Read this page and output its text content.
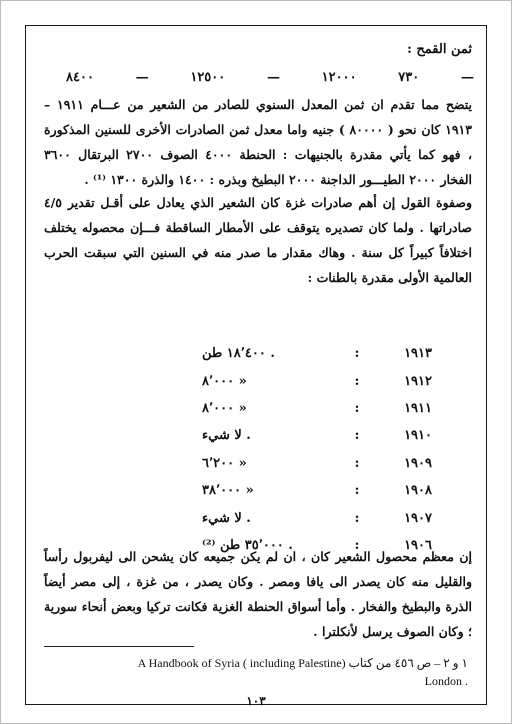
ثمن القمح :
٨٤٠٠	—	١٢٥٠٠	—	١٢٠٠٠	٧٣٠	—
يتضح مما تقدم ان ثمن المعدل السنوي للصادر من الشعير من عـــام ١٩١١ – ١٩١٣ كان نحو ( ٨٠٠٠٠ ) جنيه واما معدل ثمن الصادرات الأخرى للسنين المذكورة ، فهو كما يأتي مقدرة بالجنيهات : الحنطة ٤٠٠٠ الصوف ٢٧٠٠ البرتقال ٣٦٠٠ الفخار ٢٠٠٠ الطيـــور الداجنة ٢٠٠٠ البطيخ وبذره : ١٤٠٠ والذرة ١٣٠٠ ⁽¹⁾ .
وصفوة القول إن أهم صادرات غزة كان الشعير الذي يعادل على أقـل تقدير ٤/٥ صادراتها . ولما كان تصديره يتوقف على الأمطار الساقطة فـــإن محصوله يختلف اختلافاً كبيراً كل سنة . وهاك مقدار ما صدر منه في السنين التي سبقت الحرب العالمية الأولى مقدرة بالطنات :
١٨٬٤٠٠ طن .	:	١٩١٣
٨٬٠٠٠ »	:	١٩١٢
٨٬٠٠٠ »	:	١٩١١
لا شيء .	:	١٩١٠
٦٬٢٠٠ »	:	١٩٠٩
٣٨٬٠٠٠ »	:	١٩٠٨
لا شيء .	:	١٩٠٧
٣٥٬٠٠٠ طن ⁽²⁾ .	:	١٩٠٦
إن معظم محصول الشعير كان ، ان لم يكن جميعه كان يشحن الى ليفربول رأساً والقليل منه كان يصدر الى يافا ومصر . وكان يصدر ، من غزة ، إلى مصر أيضاً الذرة والبطيخ والفخار . وأما أسواق الحنطة الغزية فكانت تركيا وبعض أنحاء سورية ؛ وكان الصوف يرسل لأنكلترا .
١ و ٢ – ص ٤٥٦ من كتاب A Handbook of Syria ( including Palestine)
London .
١٠٣
